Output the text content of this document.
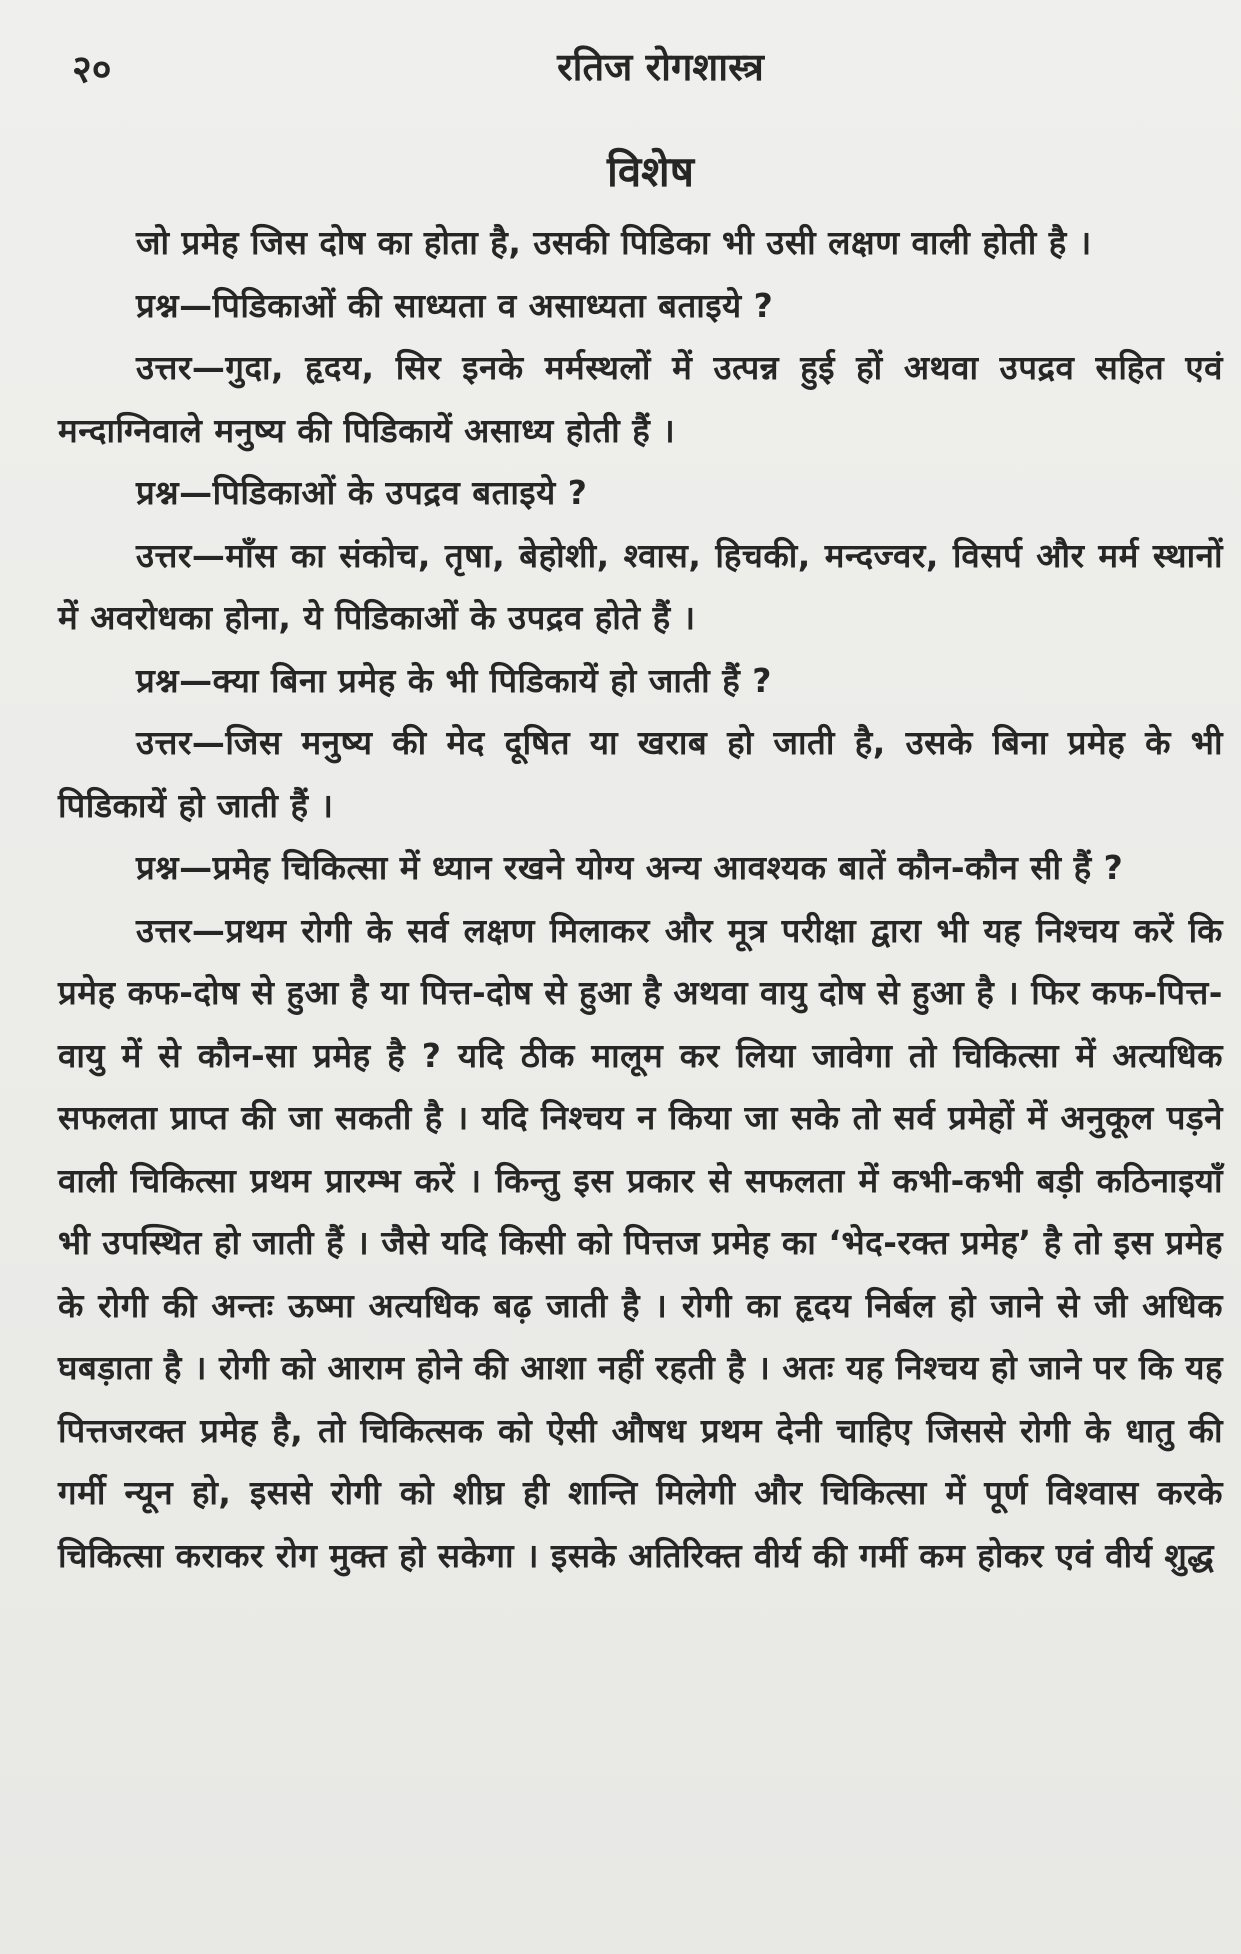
२०	रतिज रोगशास्त्र
विशेष

जो प्रमेह जिस दोष का होता है, उसकी पिडिका भी उसी लक्षण वाली होती है ।

प्रश्न—पिडिकाओं की साध्यता व असाध्यता बताइये ?

उत्तर—गुदा, हृदय, सिर इनके मर्मस्थलों में उत्पन्न हुई हों अथवा उपद्रव सहित एवं मन्दाग्निवाले मनुष्य की पिडिकायें असाध्य होती हैं ।

प्रश्न—पिडिकाओं के उपद्रव बताइये ?

उत्तर—माँस का संकोच, तृषा, बेहोशी, श्वास, हिचकी, मन्दज्वर, विसर्प और मर्म स्थानों में अवरोधका होना, ये पिडिकाओं के उपद्रव होते हैं ।

प्रश्न—क्या बिना प्रमेह के भी पिडिकायें हो जाती हैं ?

उत्तर—जिस मनुष्य की मेद दूषित या खराब हो जाती है, उसके बिना प्रमेह के भी पिडिकायें हो जाती हैं ।

प्रश्न—प्रमेह चिकित्सा में ध्यान रखने योग्य अन्य आवश्यक बातें कौन-कौन सी हैं ?

उत्तर—प्रथम रोगी के सर्व लक्षण मिलाकर और मूत्र परीक्षा द्वारा भी यह निश्चय करें कि प्रमेह कफ-दोष से हुआ है या पित्त-दोष से हुआ है अथवा वायु दोष से हुआ है । फिर कफ-पित्त-वायु में से कौन-सा प्रमेह है ? यदि ठीक मालूम कर लिया जावेगा तो चिकित्सा में अत्यधिक सफलता प्राप्त की जा सकती है । यदि निश्चय न किया जा सके तो सर्व प्रमेहों में अनुकूल पड़ने वाली चिकित्सा प्रथम प्रारम्भ करें । किन्तु इस प्रकार से सफलता में कभी-कभी बड़ी कठिनाइयाँ भी उपस्थित हो जाती हैं । जैसे यदि किसी को पित्तज प्रमेह का ‘भेद-रक्त प्रमेह’ है तो इस प्रमेह के रोगी की अन्तः ऊष्मा अत्यधिक बढ़ जाती है । रोगी का हृदय निर्बल हो जाने से जी अधिक घबड़ाता है । रोगी को आराम होने की आशा नहीं रहती है । अतः यह निश्चय हो जाने पर कि यह पित्तजरक्त प्रमेह है, तो चिकित्सक को ऐसी औषध प्रथम देनी चाहिए जिससे रोगी के धातु की गर्मी न्यून हो, इससे रोगी को शीघ्र ही शान्ति मिलेगी और चिकित्सा में पूर्ण विश्वास करके चिकित्सा कराकर रोग मुक्त हो सकेगा । इसके अतिरिक्त वीर्य की गर्मी कम होकर एवं वीर्य शुद्ध
